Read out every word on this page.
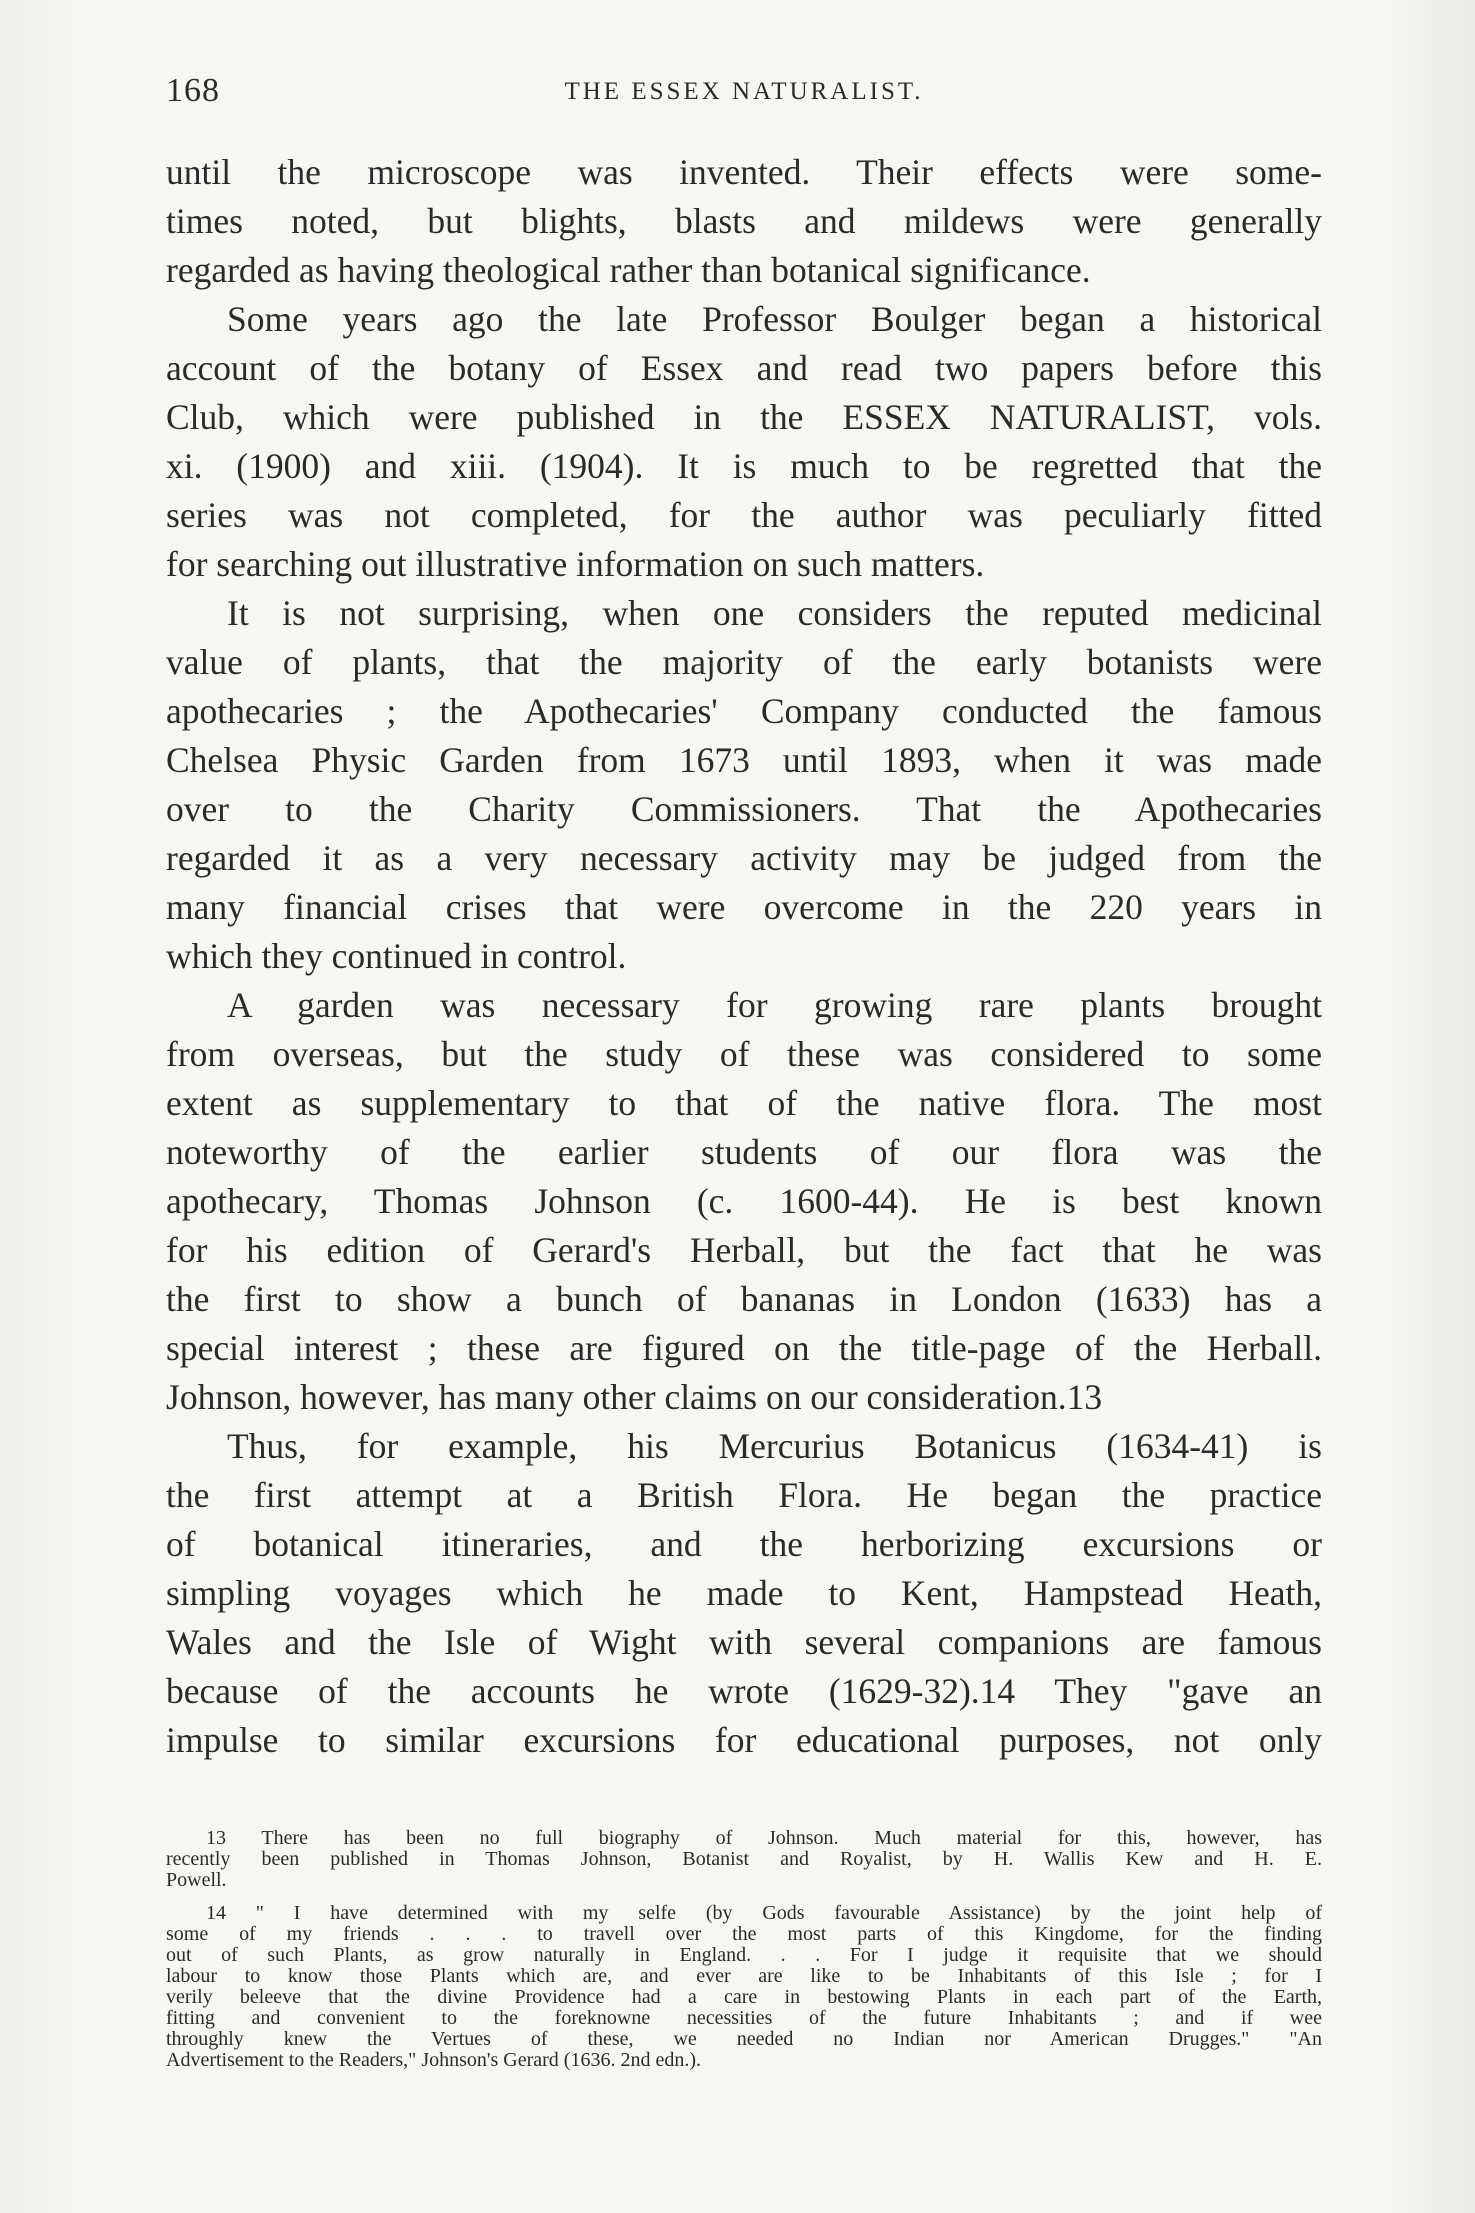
168	THE ESSEX NATURALIST.
until the microscope was invented. Their effects were some-
times noted, but blights, blasts and mildews were generally
regarded as having theological rather than botanical significance.
Some years ago the late Professor Boulger began a historical
account of the botany of Essex and read two papers before this
Club, which were published in the ESSEX NATURALIST, vols.
xi. (1900) and xiii. (1904). It is much to be regretted that the
series was not completed, for the author was peculiarly fitted
for searching out illustrative information on such matters.
It is not surprising, when one considers the reputed medicinal
value of plants, that the majority of the early botanists were
apothecaries ; the Apothecaries' Company conducted the famous
Chelsea Physic Garden from 1673 until 1893, when it was made
over to the Charity Commissioners. That the Apothecaries
regarded it as a very necessary activity may be judged from the
many financial crises that were overcome in the 220 years in
which they continued in control.
A garden was necessary for growing rare plants brought
from overseas, but the study of these was considered to some
extent as supplementary to that of the native flora. The most
noteworthy of the earlier students of our flora was the
apothecary, Thomas Johnson (c. 1600-44). He is best known
for his edition of Gerard's Herball, but the fact that he was
the first to show a bunch of bananas in London (1633) has a
special interest ; these are figured on the title-page of the Herball.
Johnson, however, has many other claims on our consideration.13
Thus, for example, his Mercurius Botanicus (1634-41) is
the first attempt at a British Flora. He began the practice
of botanical itineraries, and the herborizing excursions or
simpling voyages which he made to Kent, Hampstead Heath,
Wales and the Isle of Wight with several companions are famous
because of the accounts he wrote (1629-32).14 They "gave an
impulse to similar excursions for educational purposes, not only
13 There has been no full biography of Johnson. Much material for this, however, has
recently been published in Thomas Johnson, Botanist and Royalist, by H. Wallis Kew and H. E.
Powell.
14 " I have determined with my selfe (by Gods favourable Assistance) by the joint help of
some of my friends . . . to travell over the most parts of this Kingdome, for the finding
out of such Plants, as grow naturally in England. . . For I judge it requisite that we should
labour to know those Plants which are, and ever are like to be Inhabitants of this Isle ; for I
verily beleeve that the divine Providence had a care in bestowing Plants in each part of the Earth,
fitting and convenient to the foreknowne necessities of the future Inhabitants ; and if wee
throughly knew the Vertues of these, we needed no Indian nor American Drugges." "An
Advertisement to the Readers," Johnson's Gerard (1636. 2nd edn.).
